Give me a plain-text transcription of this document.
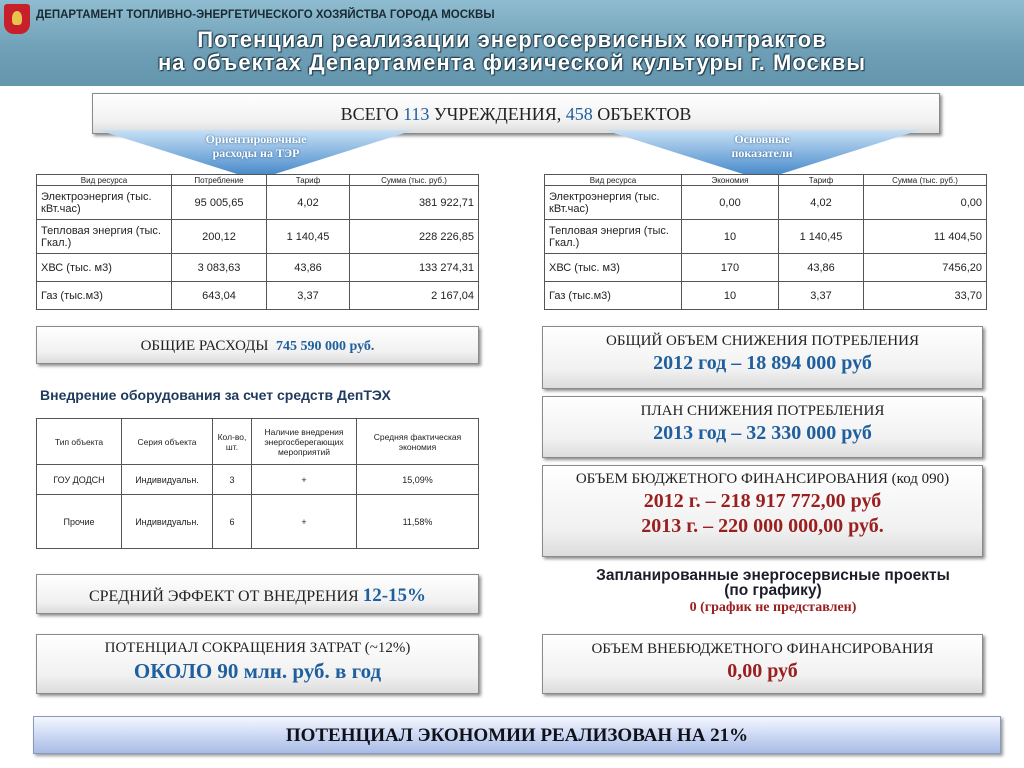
ДЕПАРТАМЕНТ ТОПЛИВНО-ЭНЕРГЕТИЧЕСКОГО ХОЗЯЙСТВА ГОРОДА МОСКВЫ
Потенциал реализации энергосервисных контрактов
на объектах Департамента физической культуры г. Москвы
ВСЕГО 113 УЧРЕЖДЕНИЯ, 458 ОБЪЕКТОВ
Ориентировочные расходы на ТЭР
Основные показатели
Вид ресурса	Потребление	Тариф	Сумма (тыс. руб.)
Электроэнергия (тыс. кВт.час)	95 005,65	4,02	381 922,71
Тепловая энергия (тыс. Гкал.)	200,12	1 140,45	228 226,85
ХВС (тыс. м3)	3 083,63	43,86	133 274,31
Газ (тыс.м3)	643,04	3,37	2 167,04
Вид ресурса	Экономия	Тариф	Сумма (тыс. руб.)
Электроэнергия (тыс. кВт.час)	0,00	4,02	0,00
Тепловая энергия (тыс. Гкал.)	10	1 140,45	11 404,50
ХВС (тыс. м3)	170	43,86	7456,20
Газ (тыс.м3)	10	3,37	33,70
ОБЩИЕ РАСХОДЫ 745 590 000 руб.
Внедрение оборудования за счет средств ДепТЭХ
Тип объекта	Серия объекта	Кол-во, шт.	Наличие внедрения энергосберегающих мероприятий	Средняя фактическая экономия
ГОУ ДОДСН	Индивидуальн.	3	+	15,09%
Прочие	Индивидуальн.	6	+	11,58%
СРЕДНИЙ ЭФФЕКТ ОТ ВНЕДРЕНИЯ 12-15%
ПОТЕНЦИАЛ СОКРАЩЕНИЯ ЗАТРАТ (~12%)
ОКОЛО 90 млн. руб. в год
ОБЩИЙ ОБЪЕМ СНИЖЕНИЯ ПОТРЕБЛЕНИЯ
2012 год – 18 894 000 руб
ПЛАН СНИЖЕНИЯ ПОТРЕБЛЕНИЯ
2013 год – 32 330 000 руб
ОБЪЕМ БЮДЖЕТНОГО ФИНАНСИРОВАНИЯ (код 090)
2012 г. – 218 917 772,00 руб
2013 г. – 220 000 000,00 руб.
Запланированные энергосервисные проекты
(по графику)
0 (график не представлен)
ОБЪЕМ ВНЕБЮДЖЕТНОГО ФИНАНСИРОВАНИЯ
0,00 руб
ПОТЕНЦИАЛ ЭКОНОМИИ РЕАЛИЗОВАН НА 21%
